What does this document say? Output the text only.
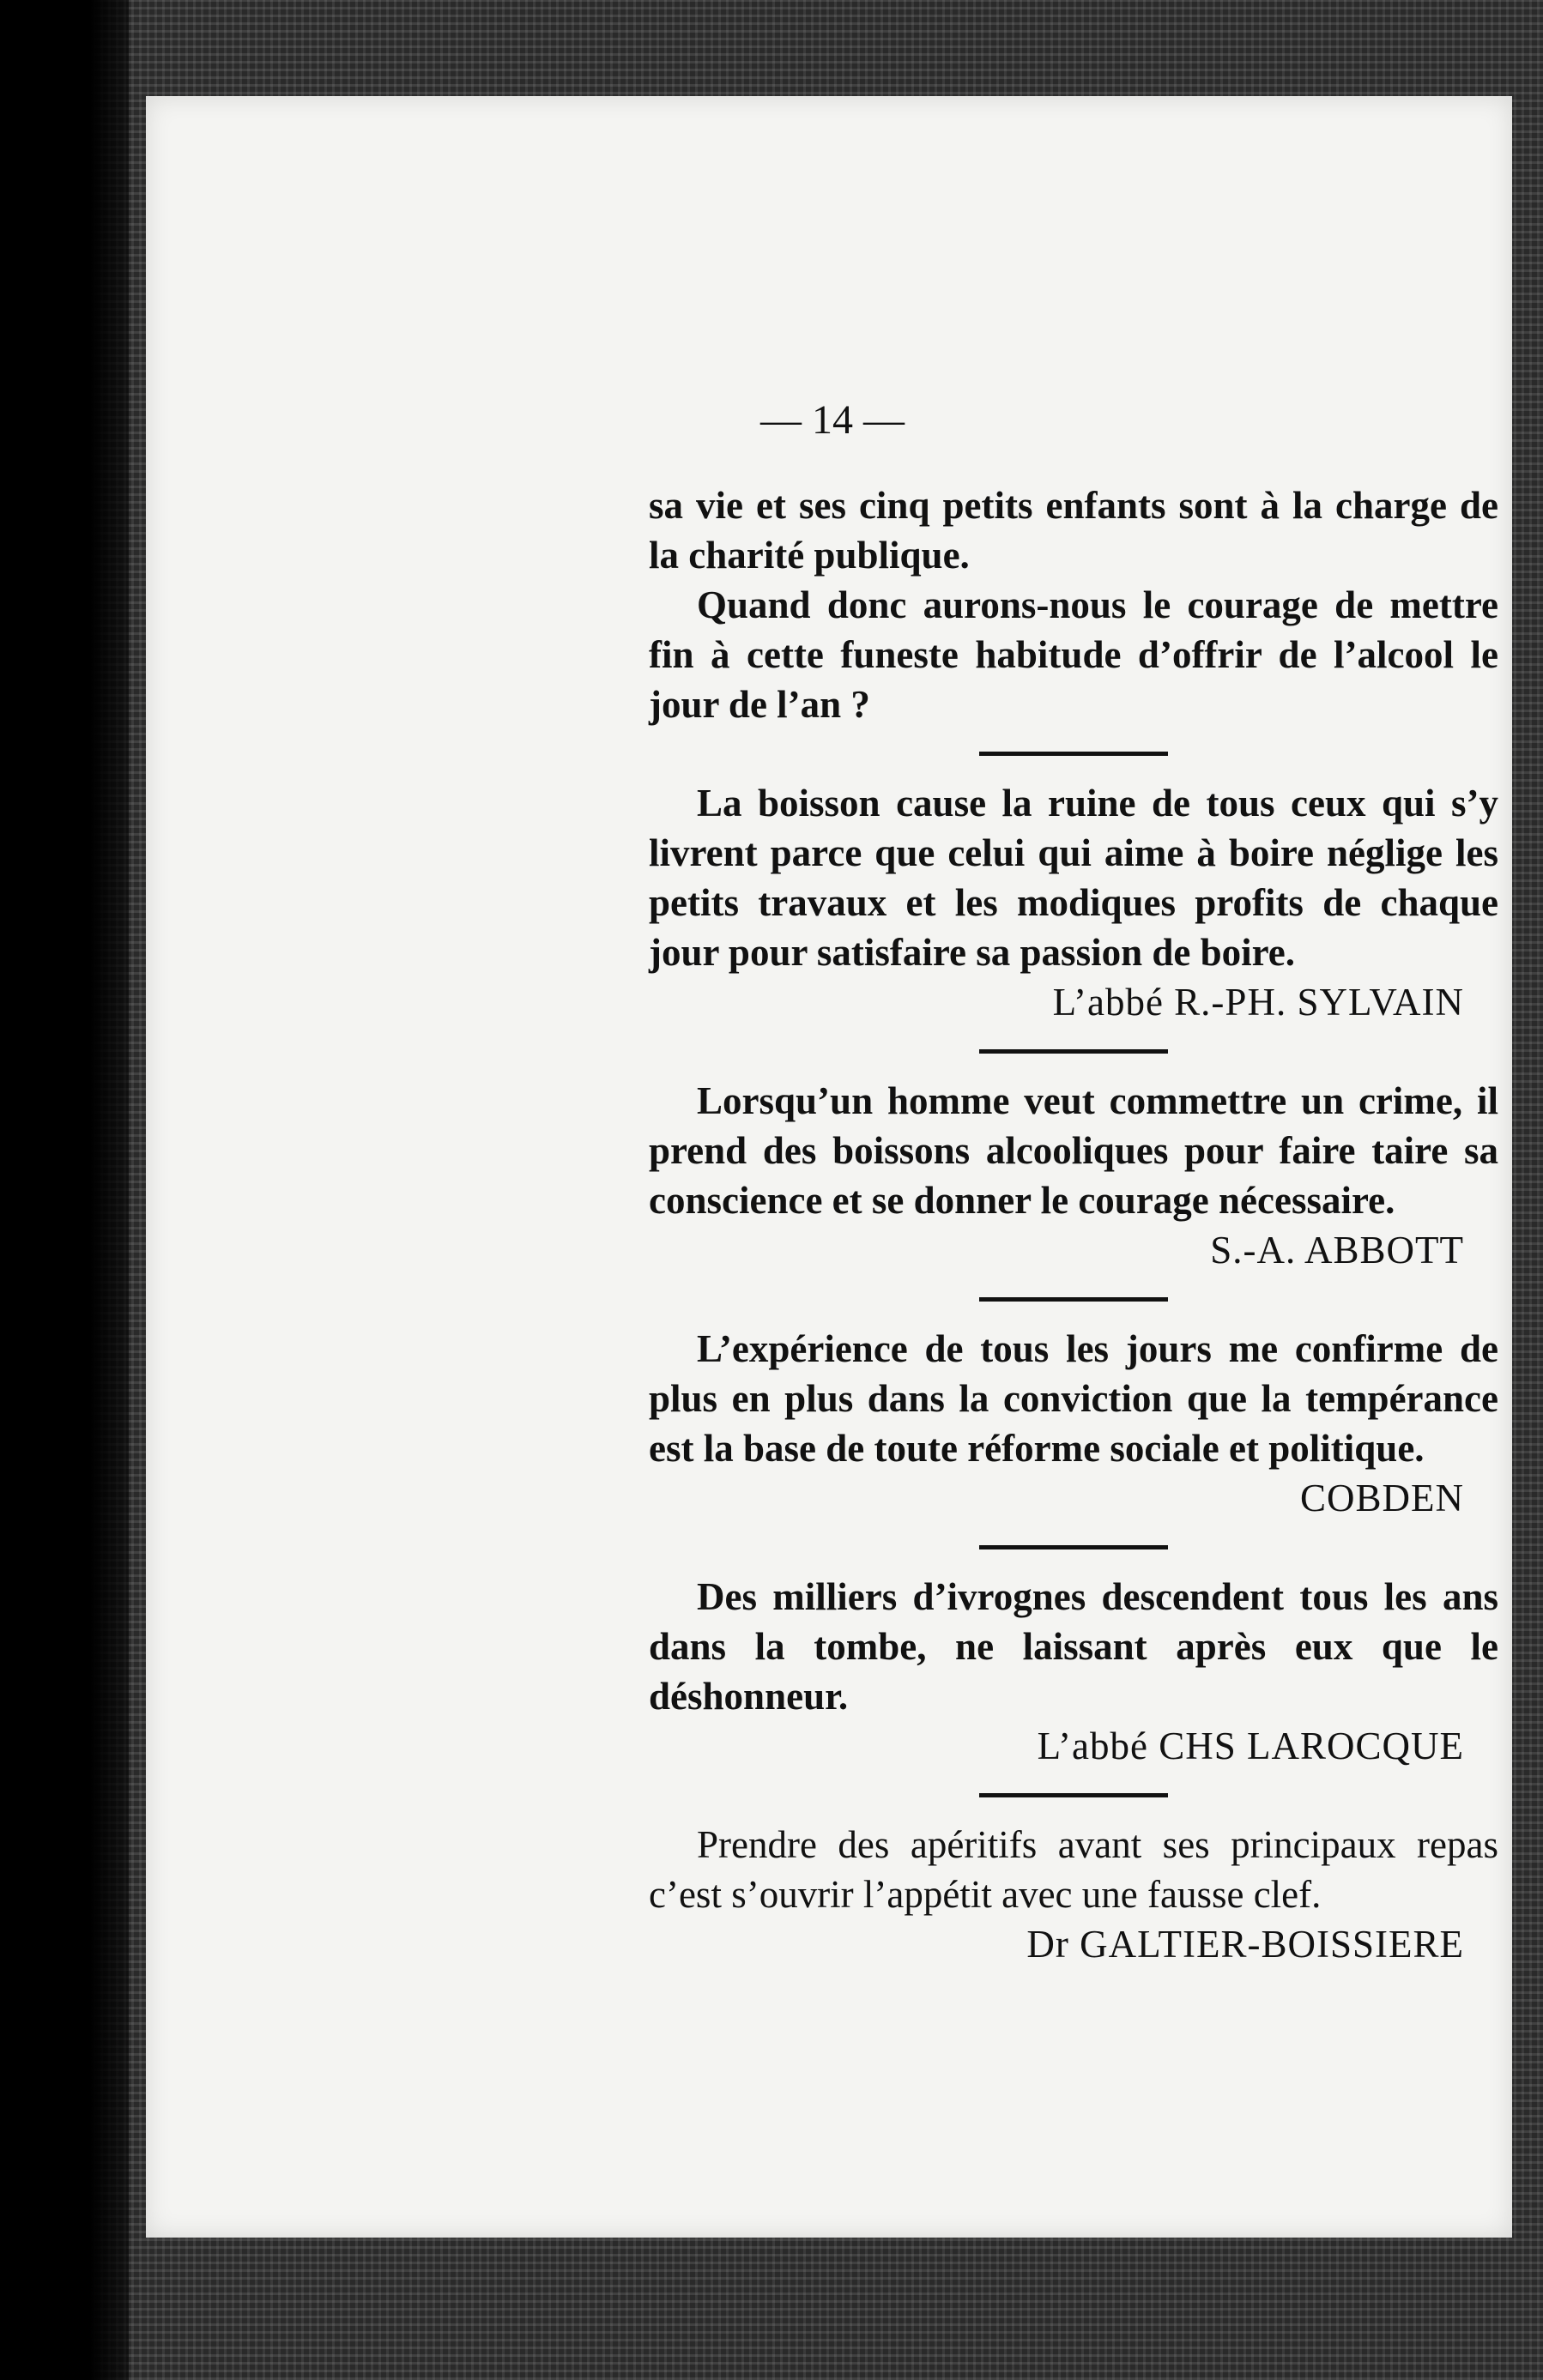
— 14 —

sa vie et ses cinq petits enfants sont à la charge de la charité publique.

Quand donc aurons-nous le courage de mettre fin à cette funeste habitude d’offrir de l’alcool le jour de l’an ?

La boisson cause la ruine de tous ceux qui s’y livrent parce que celui qui aime à boire néglige les petits travaux et les modiques profits de chaque jour pour satisfaire sa passion de boire.

L’abbé R.-PH. SYLVAIN

Lorsqu’un homme veut commettre un crime, il prend des boissons alcooliques pour faire taire sa conscience et se donner le courage nécessaire.

S.-A. ABBOTT

L’expérience de tous les jours me confirme de plus en plus dans la conviction que la tempérance est la base de toute réforme sociale et politique.

COBDEN

Des milliers d’ivrognes descendent tous les ans dans la tombe, ne laissant après eux que le déshonneur.

L’abbé CHS LAROCQUE

Prendre des apéritifs avant ses principaux repas c’est s’ouvrir l’appétit avec une fausse clef.

Dr GALTIER-BOISSIERE
